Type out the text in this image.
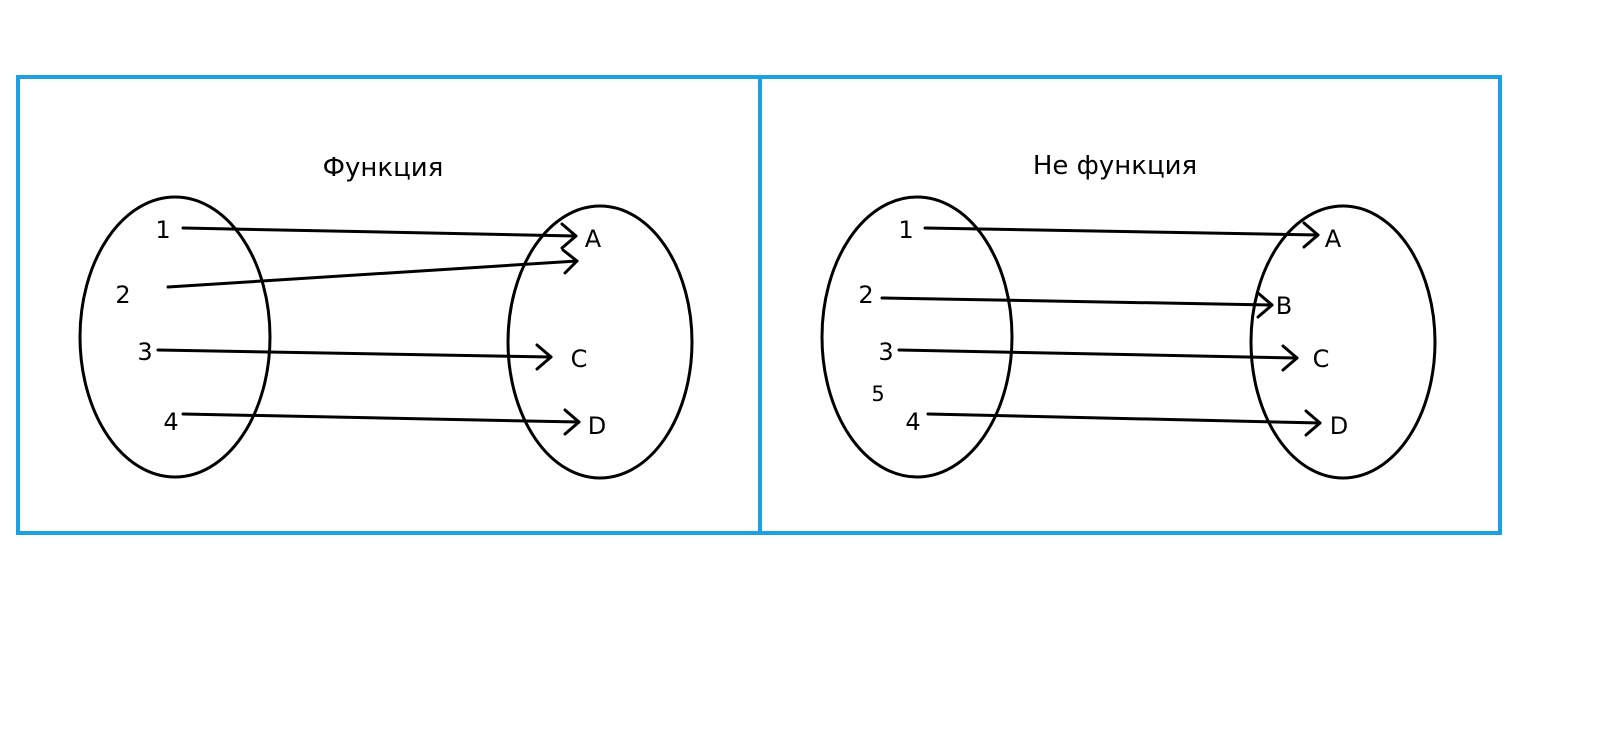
Функция
1
2
3
4
A
C
D
Не функция
1
2
3
5
4
A
B
C
D
